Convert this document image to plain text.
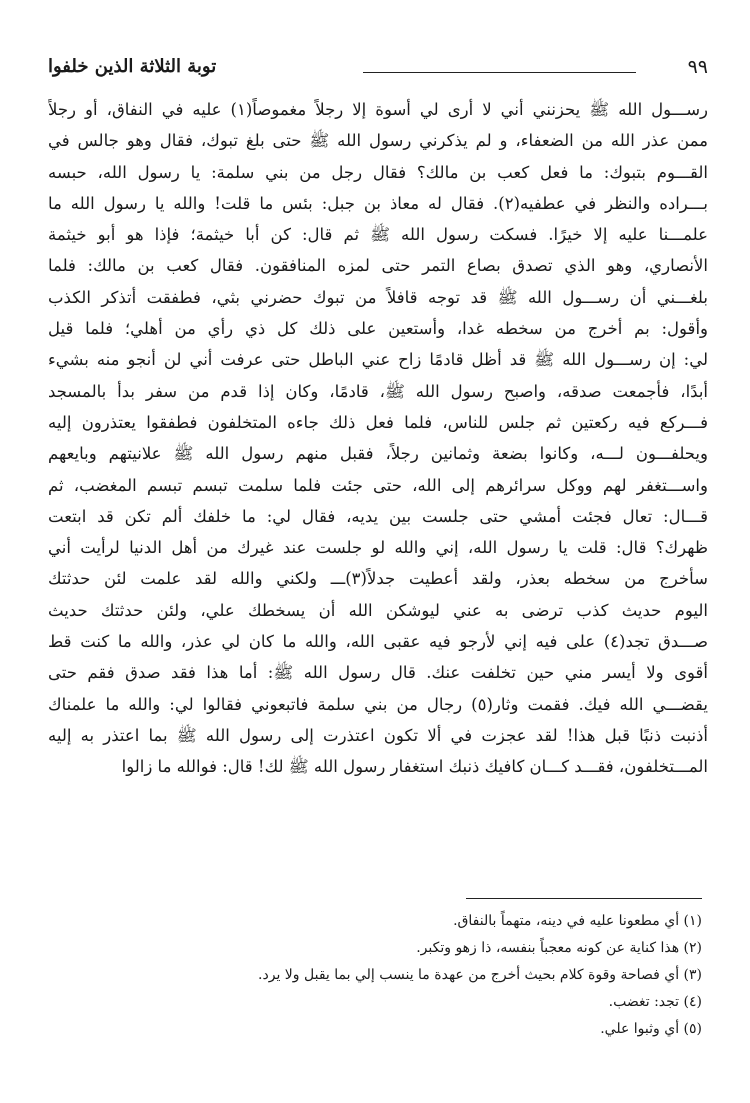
٩٩
توبة الثلاثة الذين خلفوا
رســـول الله ﷺ يحزنني أني لا أرى لي أسوة إلا رجلاً مغموصاً(١) عليه في النفاق، أو رجلاً
ممن عذر الله من الضعفاء، و لم يذكرني رسول الله ﷺ حتى بلغ تبوك، فقال وهو جالس في
القـــوم بتبوك: ما فعل كعب بن مالك؟ فقال رجل من بني سلمة: يا رسول الله، حبسه
بـــراده والنظر في عطفيه(٢). فقال له معاذ بن جبل: بئس ما قلت! والله يا رسول الله ما
علمـــنا عليه إلا خيرًا. فسكت رسول الله ﷺ ثم قال: كن أبا خيثمة؛ فإذا هو أبو خيثمة
الأنصاري، وهو الذي تصدق بصاع التمر حتى لمزه المنافقون. فقال كعب بن مالك: فلما
بلغـــني أن رســـول الله ﷺ قد توجه قافلاً من تبوك حضرني بثي، فطفقت أتذكر الكذب
وأقول: بم أخرج من سخطه غدا، وأستعين على ذلك كل ذي رأي من أهلي؛ فلما قيل
لي: إن رســـول الله ﷺ قد أظل قادمًا زاح عني الباطل حتى عرفت أني لن أنجو منه بشيء
أبدًا، فأجمعت صدقه، واصبح رسول الله ﷺ، قادمًا، وكان إذا قدم من سفر بدأ بالمسجد
فـــركع فيه ركعتين ثم جلس للناس، فلما فعل ذلك جاءه المتخلفون فطفقوا يعتذرون إليه
ويحلفـــون لـــه، وكانوا بضعة وثمانين رجلاً، فقبل منهم رسول الله ﷺ علانيتهم وبايعهم
واســـتغفر لهم ووكل سرائرهم إلى الله، حتى جئت فلما سلمت تبسم تبسم المغضب، ثم
قـــال: تعال فجئت أمشي حتى جلست بين يديه، فقال لي: ما خلفك ألم تكن قد ابتعت
ظهرك؟ قال: قلت يا رسول الله، إني والله لو جلست عند غيرك من أهل الدنيا لرأيت أني
سأخرج من سخطه بعذر، ولقد أعطيت جدلاً(٣)ـــ ولكني والله لقد علمت لئن حدثتك
اليوم حديث كذب ترضى به عني ليوشكن الله أن يسخطك علي، ولئن حدثتك حديث
صـــدق تجد(٤) على فيه إني لأرجو فيه عقبى الله، والله ما كان لي عذر، والله ما كنت قط
أقوى ولا أيسر مني حين تخلفت عنك. قال رسول الله ﷺ: أما هذا فقد صدق فقم حتى
يقضـــي الله فيك. فقمت وثار(٥) رجال من بني سلمة فاتبعوني فقالوا لي: والله ما علمناك
أذنبت ذنبًا قبل هذا! لقد عجزت في ألا تكون اعتذرت إلى رسول الله ﷺ بما اعتذر به إليه
المـــتخلفون، فقـــد كـــان كافيك ذنبك استغفار رسول الله ﷺ لك! قال: فوالله ما زالوا
(١) أي مطعونا عليه في دينه، متهماً بالنفاق.
(٢) هذا كناية عن كونه معجباً بنفسه، ذا زهو وتكبر.
(٣) أي فصاحة وقوة كلام بحيث أخرج من عهدة ما ينسب إلي بما يقبل ولا يرد.
(٤) تجد: تغضب.
(٥) أي وثبوا علي.
